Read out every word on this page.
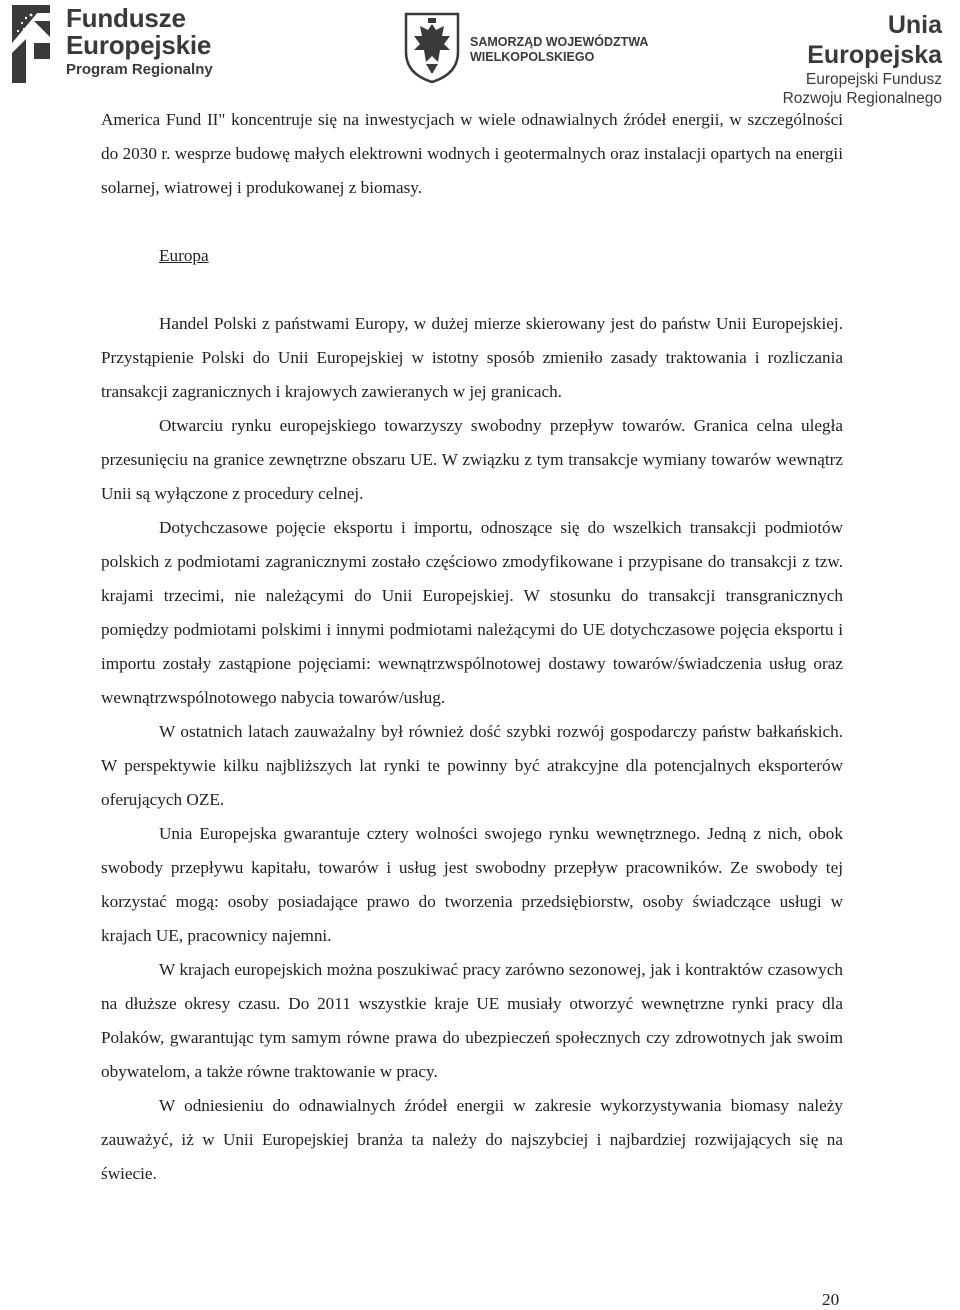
Fundusze
Europejskie
Program Regionalny
SAMORZĄD WOJEWÓDZTWA
WIELKOPOLSKIEGO
Unia Europejska
Europejski Fundusz
Rozwoju Regionalnego

America Fund II" koncentruje się na inwestycjach w wiele odnawialnych źródeł energii, w szczególności do 2030 r. wesprze budowę małych elektrowni wodnych i geotermalnych oraz instalacji opartych na energii solarnej, wiatrowej i produkowanej z biomasy.

Europa

Handel Polski z państwami Europy, w dużej mierze skierowany jest do państw Unii Europejskiej. Przystąpienie Polski do Unii Europejskiej w istotny sposób zmieniło zasady traktowania i rozliczania transakcji zagranicznych i krajowych zawieranych w jej granicach.

Otwarciu rynku europejskiego towarzyszy swobodny przepływ towarów. Granica celna uległa przesunięciu na granice zewnętrzne obszaru UE. W związku z tym transakcje wymiany towarów wewnątrz Unii są wyłączone z procedury celnej.

Dotychczasowe pojęcie eksportu i importu, odnoszące się do wszelkich transakcji podmiotów polskich z podmiotami zagranicznymi zostało częściowo zmodyfikowane i przypisane do transakcji z tzw. krajami trzecimi, nie należącymi do Unii Europejskiej. W stosunku do transakcji transgranicznych pomiędzy podmiotami polskimi i innymi podmiotami należącymi do UE dotychczasowe pojęcia eksportu i importu zostały zastąpione pojęciami: wewnątrzwspólnotowej dostawy towarów/świadczenia usług oraz wewnątrzwspólnotowego nabycia towarów/usług.

W ostatnich latach zauważalny był również dość szybki rozwój gospodarczy państw bałkańskich. W perspektywie kilku najbliższych lat rynki te powinny być atrakcyjne dla potencjalnych eksporterów oferujących OZE.

Unia Europejska gwarantuje cztery wolności swojego rynku wewnętrznego. Jedną z nich, obok swobody przepływu kapitału, towarów i usług jest swobodny przepływ pracowników. Ze swobody tej korzystać mogą: osoby posiadające prawo do tworzenia przedsiębiorstw, osoby świadczące usługi w krajach UE, pracownicy najemni.

W krajach europejskich można poszukiwać pracy zarówno sezonowej, jak i kontraktów czasowych na dłuższe okresy czasu. Do 2011 wszystkie kraje UE musiały otworzyć wewnętrzne rynki pracy dla Polaków, gwarantując tym samym równe prawa do ubezpieczeń społecznych czy zdrowotnych jak swoim obywatelom, a także równe traktowanie w pracy.

W odniesieniu do odnawialnych źródeł energii w zakresie wykorzystywania biomasy należy zauważyć, iż w Unii Europejskiej branża ta należy do najszybciej i najbardziej rozwijających się na świecie.

20
